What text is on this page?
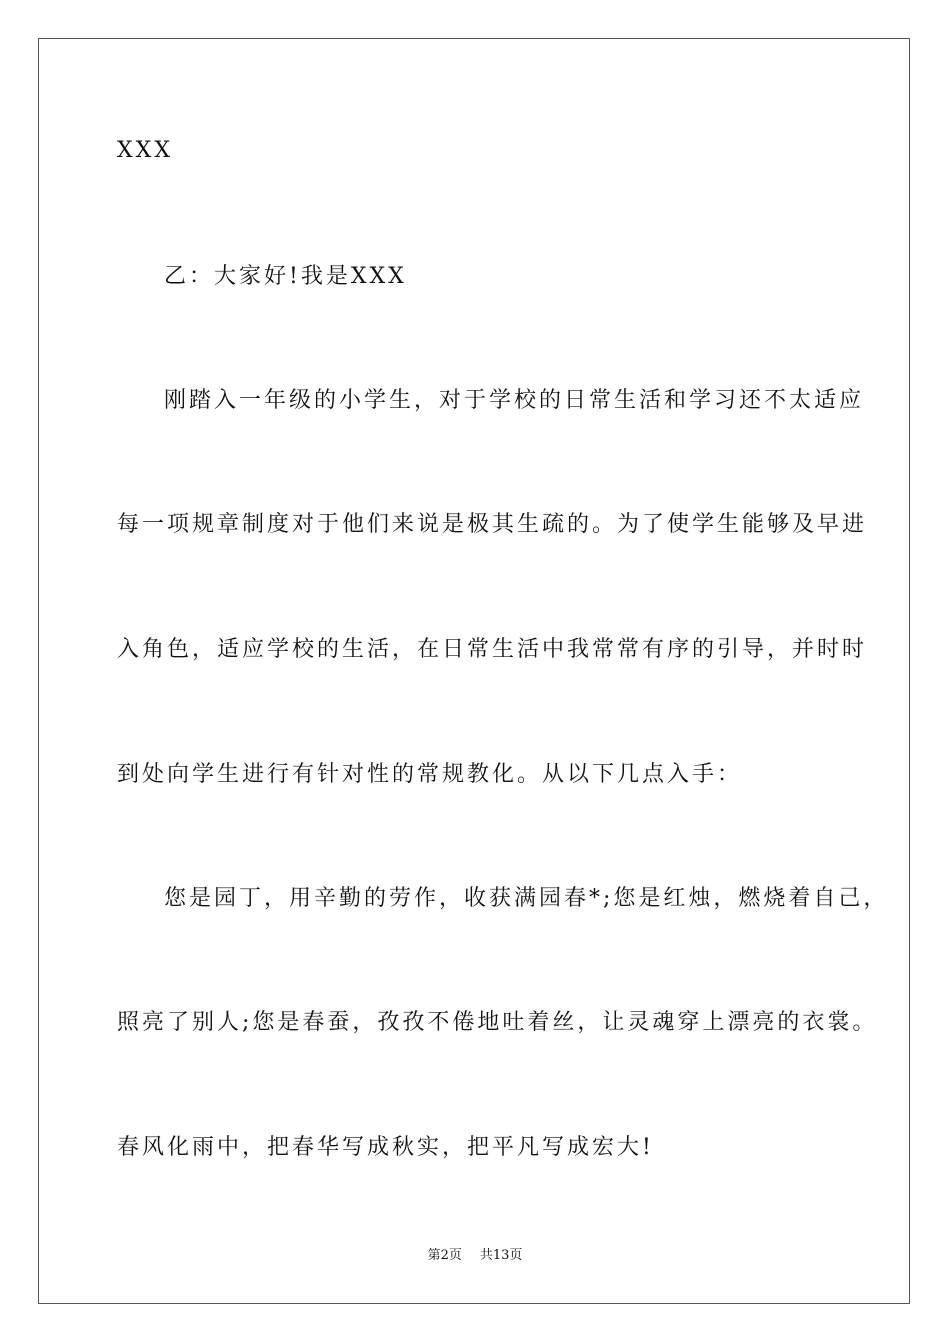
XXX
乙：大家好!我是XXX
刚踏入一年级的小学生，对于学校的日常生活和学习还不太适应
每一项规章制度对于他们来说是极其生疏的。为了使学生能够及早进
入角色，适应学校的生活，在日常生活中我常常有序的引导，并时时
到处向学生进行有针对性的常规教化。从以下几点入手：
您是园丁，用辛勤的劳作，收获满园春*;您是红烛，燃烧着自己，
照亮了别人;您是春蚕，孜孜不倦地吐着丝，让灵魂穿上漂亮的衣裳。
春风化雨中，把春华写成秋实，把平凡写成宏大!
第2页 共13页
